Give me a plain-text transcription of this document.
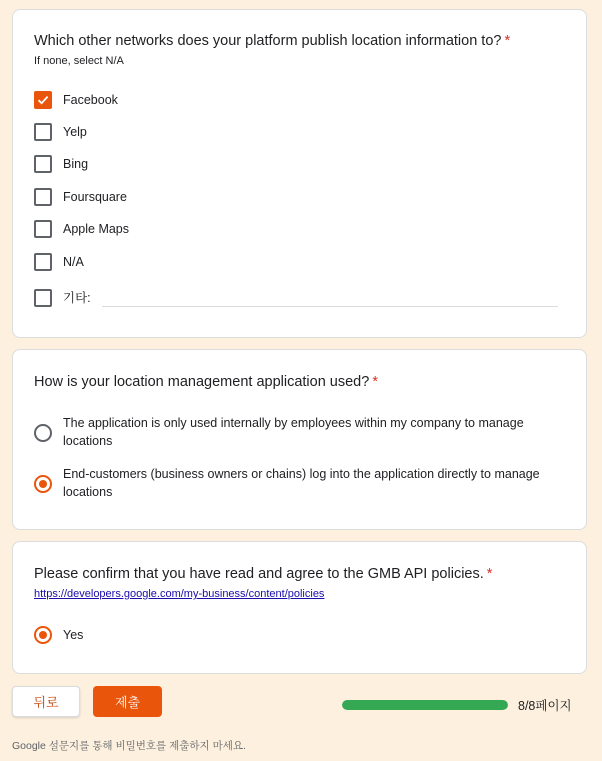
Which other networks does your platform publish location information to? *
If none, select N/A
Facebook
Yelp
Bing
Foursquare
Apple Maps
N/A
기타:
How is your location management application used? *
The application is only used internally by employees within my company to manage locations
End-customers (business owners or chains) log into the application directly to manage locations
Please confirm that you have read and agree to the GMB API policies. *
https://developers.google.com/my-business/content/policies
Yes
뒤로	제출	8/8페이지
Google 설문지를 통해 비밀번호를 제출하지 마세요.
